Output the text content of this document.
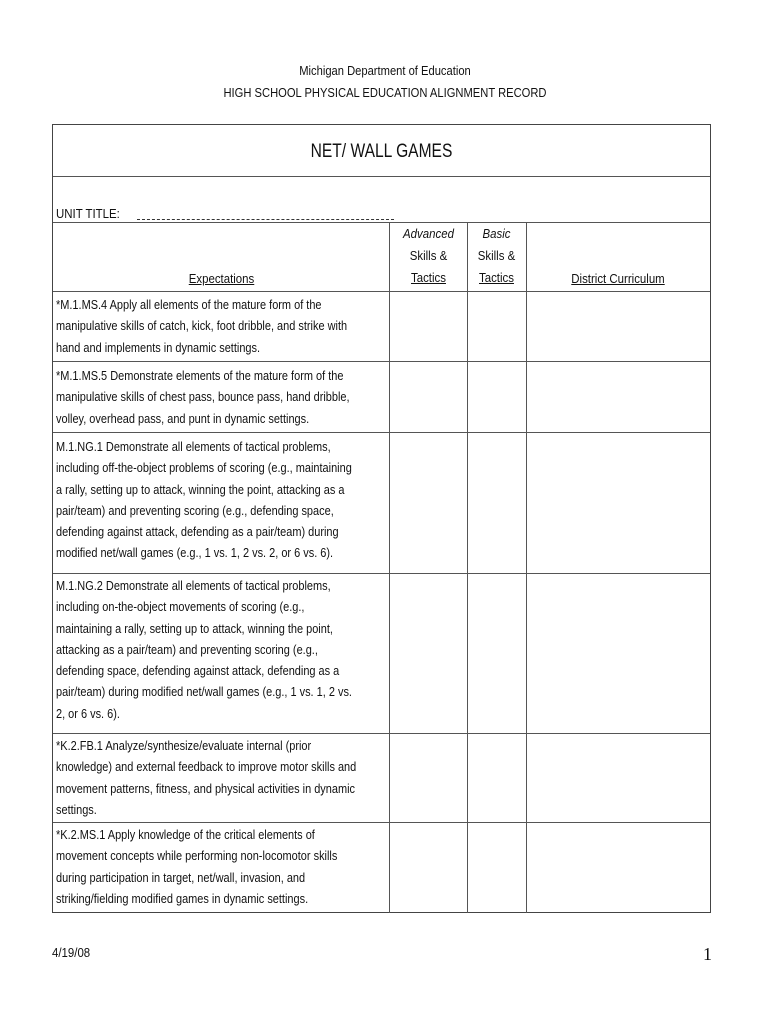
Michigan Department of Education
HIGH SCHOOL PHYSICAL EDUCATION ALIGNMENT RECORD
NET/ WALL GAMES
UNIT TITLE:
Expectations
Advanced
Skills &
Tactics
Basic
Skills &
Tactics	District Curriculum
*M.1.MS.4 Apply all elements of the mature form of the
manipulative skills of catch, kick, foot dribble, and strike with
hand and implements in dynamic settings.
*M.1.MS.5 Demonstrate elements of the mature form of the
manipulative skills of chest pass, bounce pass, hand dribble,
volley, overhead pass, and punt in dynamic settings.
M.1.NG.1 Demonstrate all elements of tactical problems,
including off-the-object problems of scoring (e.g., maintaining
a rally, setting up to attack, winning the point, attacking as a
pair/team) and preventing scoring (e.g., defending space,
defending against attack, defending as a pair/team) during
modified net/wall games (e.g., 1 vs. 1, 2 vs. 2, or 6 vs. 6).
M.1.NG.2 Demonstrate all elements of tactical problems,
including on-the-object movements of scoring (e.g.,
maintaining a rally, setting up to attack, winning the point,
attacking as a pair/team) and preventing scoring (e.g.,
defending space, defending against attack, defending as a
pair/team) during modified net/wall games (e.g., 1 vs. 1, 2 vs.
2, or 6 vs. 6).
*K.2.FB.1 Analyze/synthesize/evaluate internal (prior
knowledge) and external feedback to improve motor skills and
movement patterns, fitness, and physical activities in dynamic
settings.
*K.2.MS.1 Apply knowledge of the critical elements of
movement concepts while performing non-locomotor skills
during participation in target, net/wall, invasion, and
striking/fielding modified games in dynamic settings.
4/19/08	1
